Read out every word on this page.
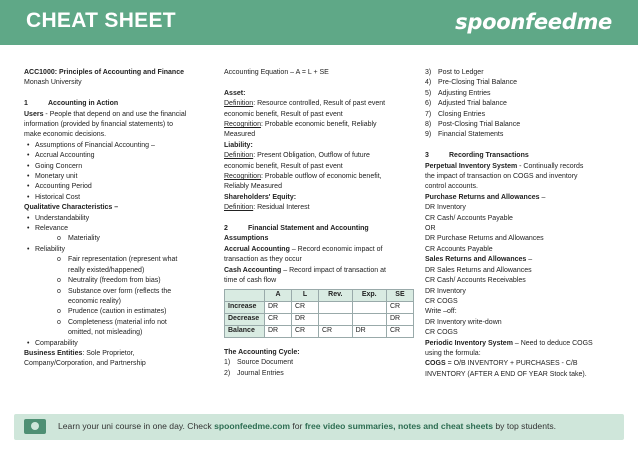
CHEAT SHEET	spoonfeedme
ACC1000: Principles of Accounting and Finance
Monash University
1	Accounting in Action
Users - People that depend on and use the financial
information (provided by financial statements) to
make economic decisions.
• Assumptions of Financial Accounting –
• Accrual Accounting
• Going Concern
• Monetary unit
• Accounting Period
• Historical Cost
Qualitative Characteristics –
• Understandability
• Relevance
o Materiality
• Reliability
o Fair representation (represent what
really existed/happened)
o Neutrality (freedom from bias)
o Substance over form (reflects the
economic reality)
o Prudence (caution in estimates)
o Completeness (material info not
omitted, not misleading)
• Comparability
Business Entities: Sole Proprietor,
Company/Corporation, and Partnership
Accounting Equation – A = L + SE
Asset:
Definition: Resource controlled, Result of past event
economic benefit, Result of past event
Recognition: Probable economic benefit, Reliably
Measured
Liability:
Definition: Present Obligation, Outflow of future
economic benefit, Result of past event
Recognition: Probable outflow of economic benefit,
Reliably Measured
Shareholders' Equity:
Definition: Residual Interest
2	Financial Statement and Accounting
Assumptions
Accrual Accounting – Record economic impact of
transaction as they occur
Cash Accounting – Record impact of transaction at
time of cash flow
	A	L	Rev.	Exp.	SE
Increase	DR	CR			CR
Decrease	CR	DR			DR
Balance	DR	CR	CR	DR	CR
The Accounting Cycle:
1) Source Document
2) Journal Entries
3) Post to Ledger
4) Pre-Closing Trial Balance
5) Adjusting Entries
6) Adjusted Trial balance
7) Closing Entries
8) Post-Closing Trial Balance
9) Financial Statements
3	Recording Transactions
Perpetual Inventory System - Continually records
the impact of transaction on COGS and inventory
control accounts.
Purchase Returns and Allowances –
DR Inventory
CR Cash/ Accounts Payable
OR
DR Purchase Returns and Allowances
CR Accounts Payable
Sales Returns and Allowances –
DR Sales Returns and Allowances
CR Cash/ Accounts Receivables
DR Inventory
CR COGS
Write –off:
DR Inventory write-down
CR COGS
Periodic Inventory System – Need to deduce COGS
using the formula:
COGS = O/B INVENTORY + PURCHASES - C/B
INVENTORY (AFTER A END OF YEAR Stock take).
Learn your uni course in one day. Check spoonfeedme.com for free video summaries, notes and cheat sheets by top students.
